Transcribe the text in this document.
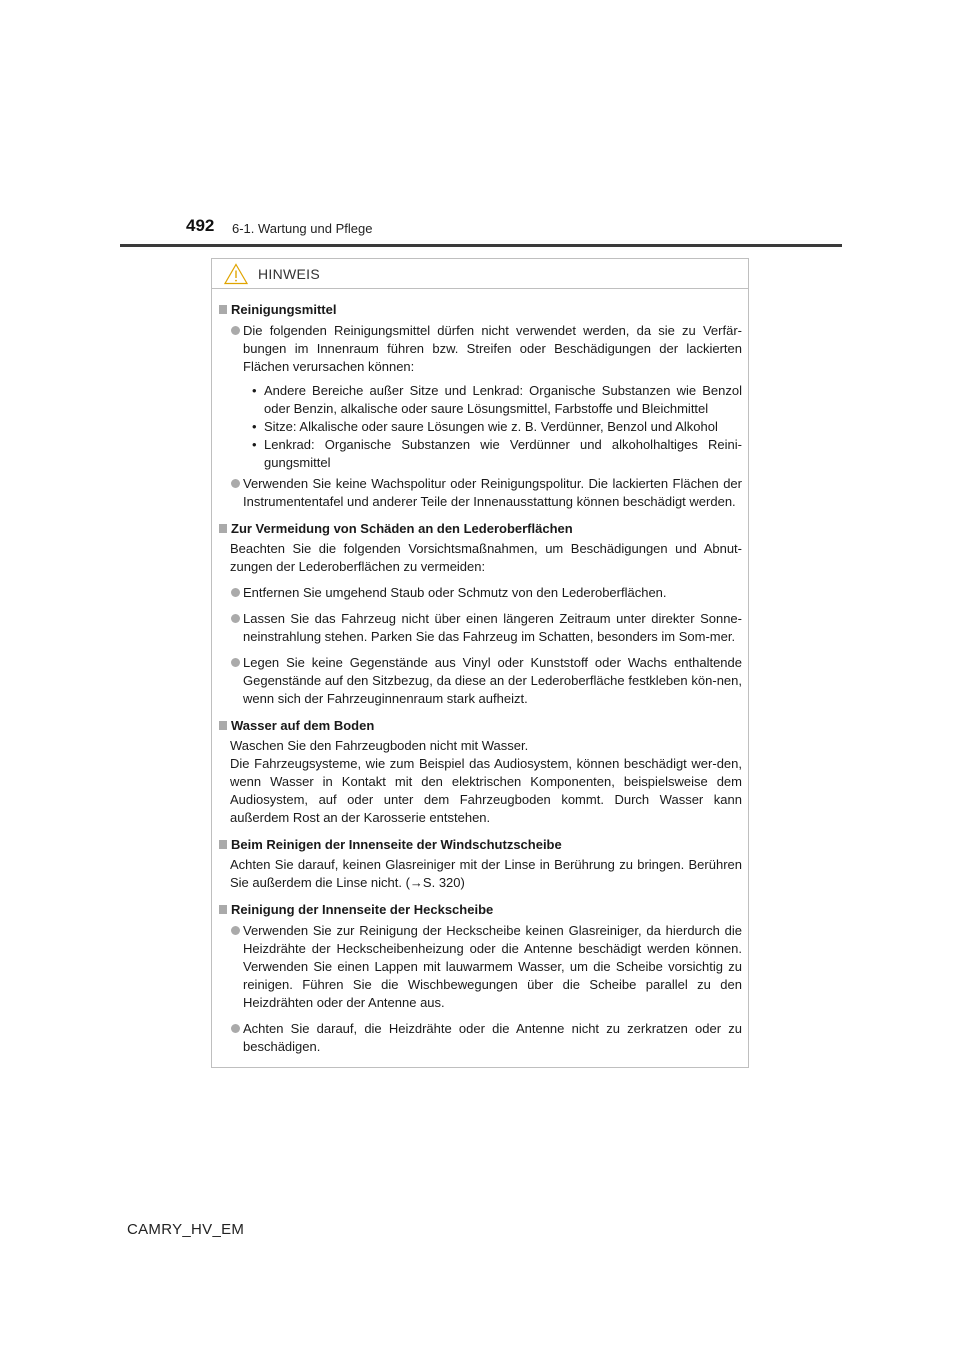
492 6-1. Wartung und Pflege
HINWEIS
Reinigungsmittel
Die folgenden Reinigungsmittel dürfen nicht verwendet werden, da sie zu Verfär-bungen im Innenraum führen bzw. Streifen oder Beschädigungen der lackierten Flächen verursachen können:
• Andere Bereiche außer Sitze und Lenkrad: Organische Substanzen wie Benzol oder Benzin, alkalische oder saure Lösungsmittel, Farbstoffe und Bleichmittel
• Sitze: Alkalische oder saure Lösungen wie z. B. Verdünner, Benzol und Alkohol
• Lenkrad: Organische Substanzen wie Verdünner und alkoholhaltiges Reini-gungsmittel
Verwenden Sie keine Wachspolitur oder Reinigungspolitur. Die lackierten Flächen der Instrumententafel und anderer Teile der Innenausstattung können beschädigt werden.
Zur Vermeidung von Schäden an den Lederoberflächen
Beachten Sie die folgenden Vorsichtsmaßnahmen, um Beschädigungen und Abnut-zungen der Lederoberflächen zu vermeiden:
Entfernen Sie umgehend Staub oder Schmutz von den Lederoberflächen.
Lassen Sie das Fahrzeug nicht über einen längeren Zeitraum unter direkter Sonne-neinstrahlung stehen. Parken Sie das Fahrzeug im Schatten, besonders im Som-mer.
Legen Sie keine Gegenstände aus Vinyl oder Kunststoff oder Wachs enthaltende Gegenstände auf den Sitzbezug, da diese an der Lederoberfläche festkleben kön-nen, wenn sich der Fahrzeuginnenraum stark aufheizt.
Wasser auf dem Boden
Waschen Sie den Fahrzeugboden nicht mit Wasser.
Die Fahrzeugsysteme, wie zum Beispiel das Audiosystem, können beschädigt wer-den, wenn Wasser in Kontakt mit den elektrischen Komponenten, beispielsweise dem Audiosystem, auf oder unter dem Fahrzeugboden kommt. Durch Wasser kann außerdem Rost an der Karosserie entstehen.
Beim Reinigen der Innenseite der Windschutzscheibe
Achten Sie darauf, keinen Glasreiniger mit der Linse in Berührung zu bringen. Berühren Sie außerdem die Linse nicht. (→S. 320)
Reinigung der Innenseite der Heckscheibe
Verwenden Sie zur Reinigung der Heckscheibe keinen Glasreiniger, da hierdurch die Heizdrähte der Heckscheibenheizung oder die Antenne beschädigt werden können. Verwenden Sie einen Lappen mit lauwarmem Wasser, um die Scheibe vorsichtig zu reinigen. Führen Sie die Wischbewegungen über die Scheibe parallel zu den Heizdrähten oder der Antenne aus.
Achten Sie darauf, die Heizdrähte oder die Antenne nicht zu zerkratzen oder zu beschädigen.
CAMRY_HV_EM
